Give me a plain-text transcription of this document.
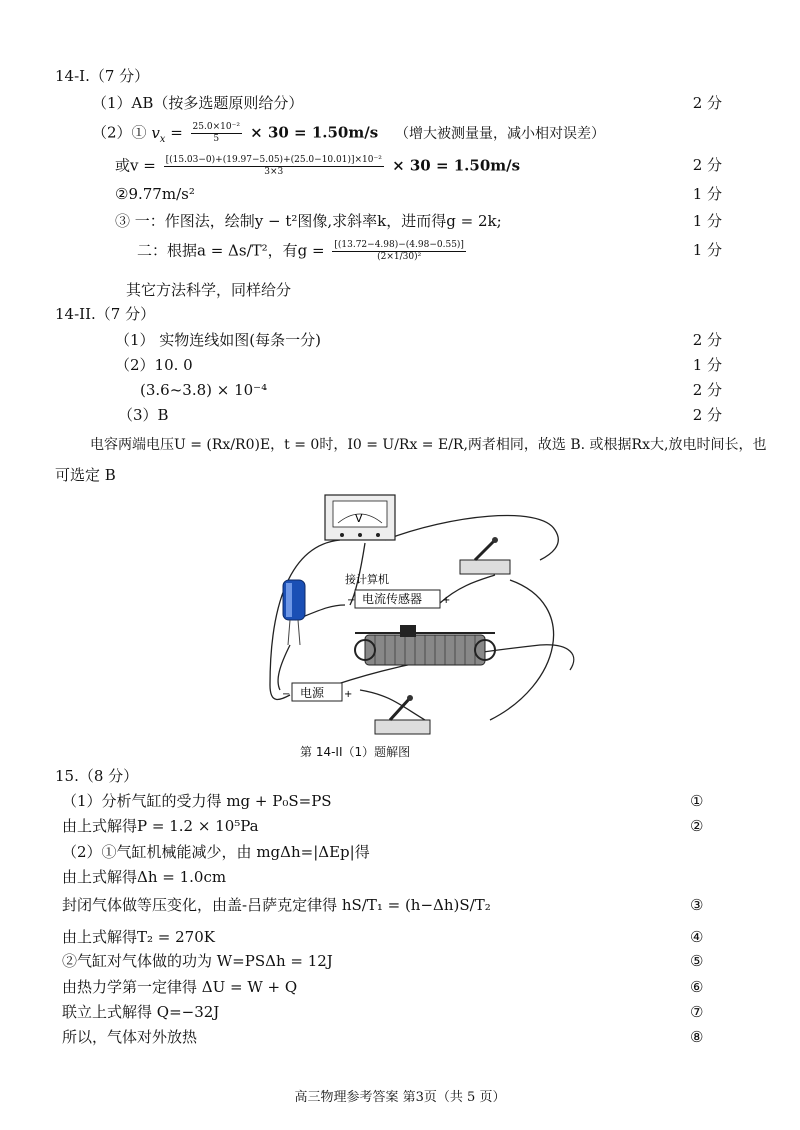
14-I.（7 分）
（1）AB（按多选题原则给分）	2 分
（2）① $v_x = \frac{\text{25.0×10⁻²}}{5} \times 30 = 1.50m/s$ （增大被测量量，减小相对误差）
或$v = \frac{\text{[(15.03−0)+(19.97−5.05)+(25.0−10.01)]×10⁻²}}{3\times 3} \times 30 = 1.50m/s$	2 分
②9.77m/s²	1 分
③ 一：作图法，绘制y − t²图像,求斜率k，进而得g = 2k;	1 分
二：根据a = Δs/T²，有$g = \frac{[(13.72-4.98)-(4.98-0.55)]}{\text{(2×1/30)²}}$	1 分
其它方法科学，同样给分
14-II.（7 分）
（1） 实物连线如图(每条一分)	2 分
（2）10. 0	1 分
(3.6~3.8) × 10⁻⁴	2 分
（3）B	2 分
电容两端电压U = (Rx/R0)E，t = 0时，I0 = U/Rx = E/R,两者相同，故选 B. 或根据Rx大,放电时间长，也
可选定 B
V
接计算机
电流传感器
−	+
电源
−	+
第 14-II（1）题解图
15.（8 分）
（1）分析气缸的受力得 mg + P₀S=PS	①
由上式解得P = 1.2 × 10⁵Pa	②
（2）①气缸机械能减少，由 mgΔh=|ΔEp|得
由上式解得Δh = 1.0cm
封闭气体做等压变化，由盖-吕萨克定律得 hS/T₁ = (h−Δh)S/T₂	③
由上式解得T₂ = 270K	④
②气缸对气体做的功为 W=PSΔh = 12J	⑤
由热力学第一定律得 ΔU = W + Q	⑥
联立上式解得 Q=−32J	⑦
所以，气体对外放热	⑧
高三物理参考答案 第3页（共 5 页）
